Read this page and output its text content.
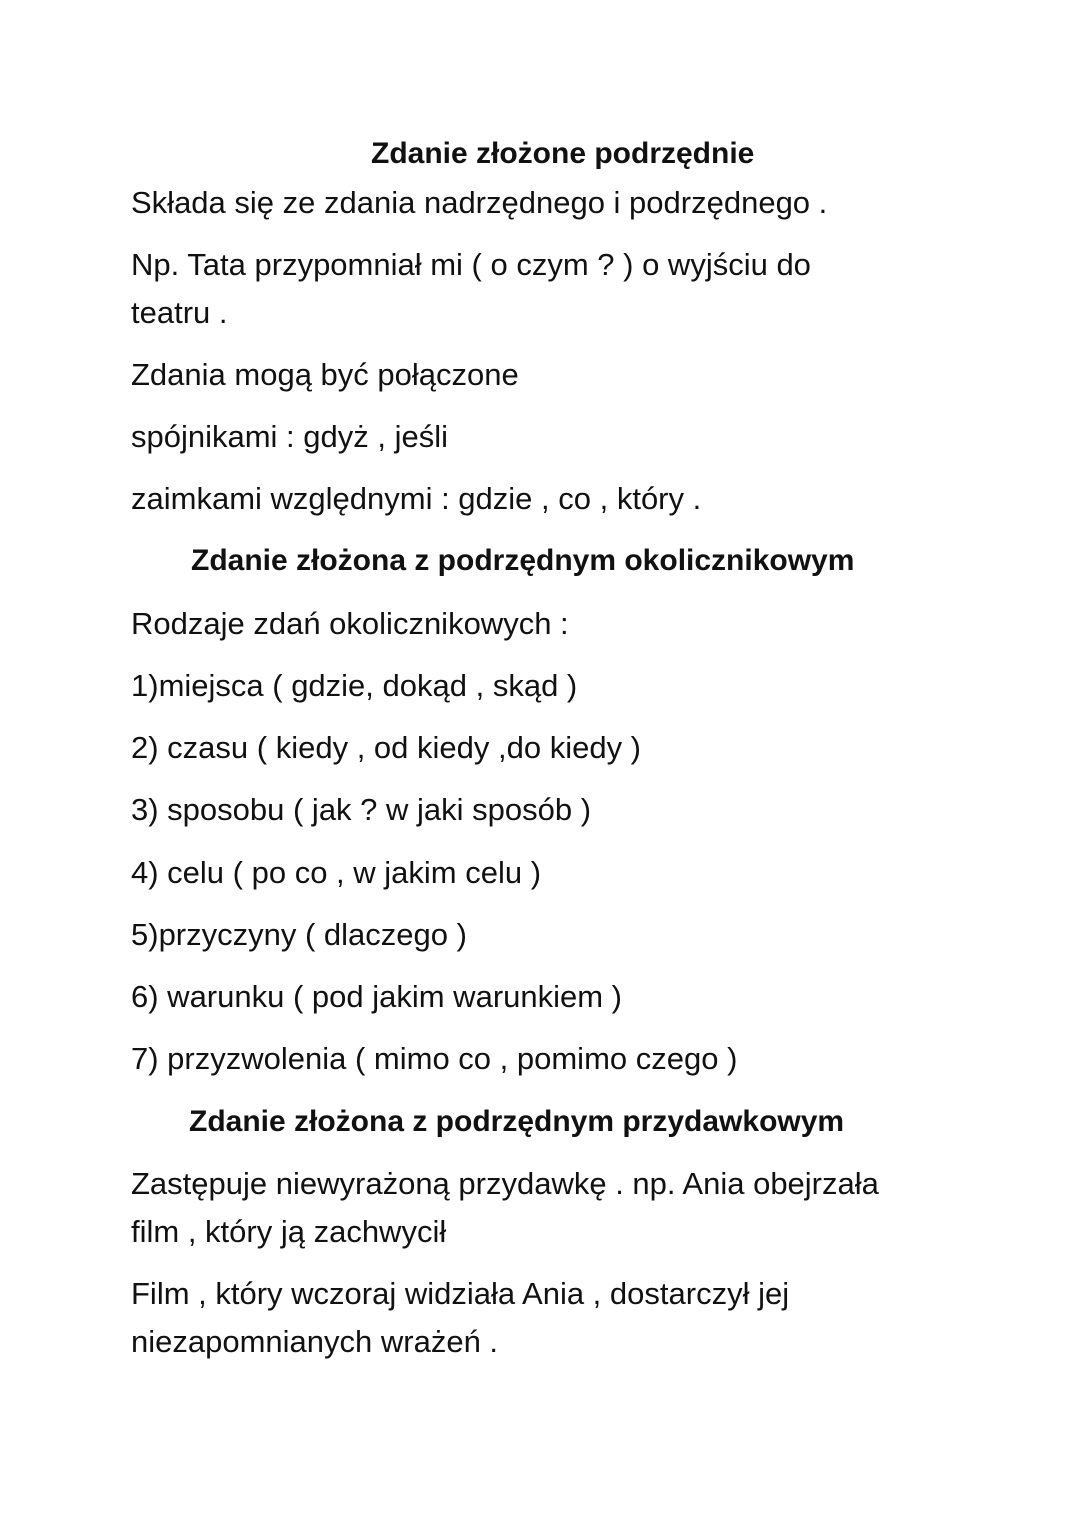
Zdanie złożone podrzędnie
Składa się ze zdania nadrzędnego i podrzędnego .
Np. Tata przypomniał mi ( o czym ? ) o wyjściu do
teatru .
Zdania mogą być połączone
spójnikami : gdyż , jeśli
zaimkami względnymi : gdzie , co , który .
Zdanie złożona z podrzędnym okolicznikowym
Rodzaje zdań okolicznikowych :
1)miejsca ( gdzie, dokąd , skąd )
2) czasu ( kiedy , od kiedy ,do kiedy )
3) sposobu ( jak ? w jaki sposób )
4) celu ( po co , w jakim celu )
5)przyczyny ( dlaczego )
6) warunku ( pod jakim warunkiem )
7) przyzwolenia ( mimo co , pomimo czego )
Zdanie złożona z podrzędnym przydawkowym
Zastępuje niewyrażoną przydawkę . np. Ania obejrzała
film , który ją zachwycił
Film , który wczoraj widziała Ania , dostarczył jej
niezapomnianych wrażeń .
